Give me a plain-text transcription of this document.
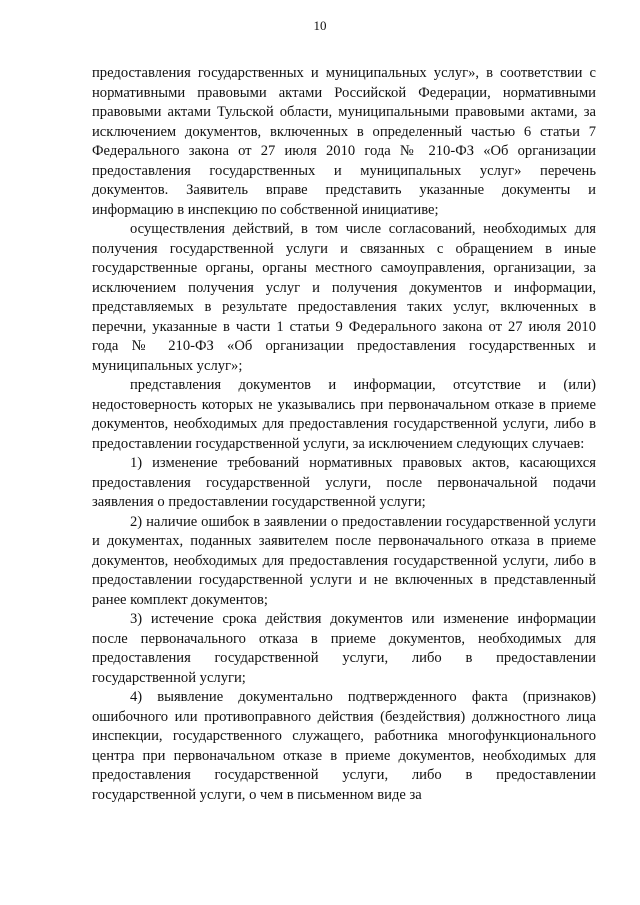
10

предоставления государственных и муниципальных услуг», в соответствии с нормативными правовыми актами Российской Федерации, нормативными правовыми актами Тульской области, муниципальными правовыми актами, за исключением документов, включенных в определенный частью 6 статьи 7 Федерального закона от 27 июля 2010 года № 210-ФЗ «Об организации предоставления государственных и муниципальных услуг» перечень документов. Заявитель вправе представить указанные документы и информацию в инспекцию по собственной инициативе;

осуществления действий, в том числе согласований, необходимых для получения государственной услуги и связанных с обращением в иные государственные органы, органы местного самоуправления, организации, за исключением получения услуг и получения документов и информации, представляемых в результате предоставления таких услуг, включенных в перечни, указанные в части 1 статьи 9 Федерального закона от 27 июля 2010 года № 210-ФЗ «Об организации предоставления государственных и муниципальных услуг»;

представления документов и информации, отсутствие и (или) недостоверность которых не указывались при первоначальном отказе в приеме документов, необходимых для предоставления государственной услуги, либо в предоставлении государственной услуги, за исключением следующих случаев:

1) изменение требований нормативных правовых актов, касающихся предоставления государственной услуги, после первоначальной подачи заявления о предоставлении государственной услуги;

2) наличие ошибок в заявлении о предоставлении государственной услуги и документах, поданных заявителем после первоначального отказа в приеме документов, необходимых для предоставления государственной услуги, либо в предоставлении государственной услуги и не включенных в представленный ранее комплект документов;

3) истечение срока действия документов или изменение информации после первоначального отказа в приеме документов, необходимых для предоставления государственной услуги, либо в предоставлении государственной услуги;

4) выявление документально подтвержденного факта (признаков) ошибочного или противоправного действия (бездействия) должностного лица инспекции, государственного служащего, работника многофункционального центра при первоначальном отказе в приеме документов, необходимых для предоставления государственной услуги, либо в предоставлении государственной услуги, о чем в письменном виде за
